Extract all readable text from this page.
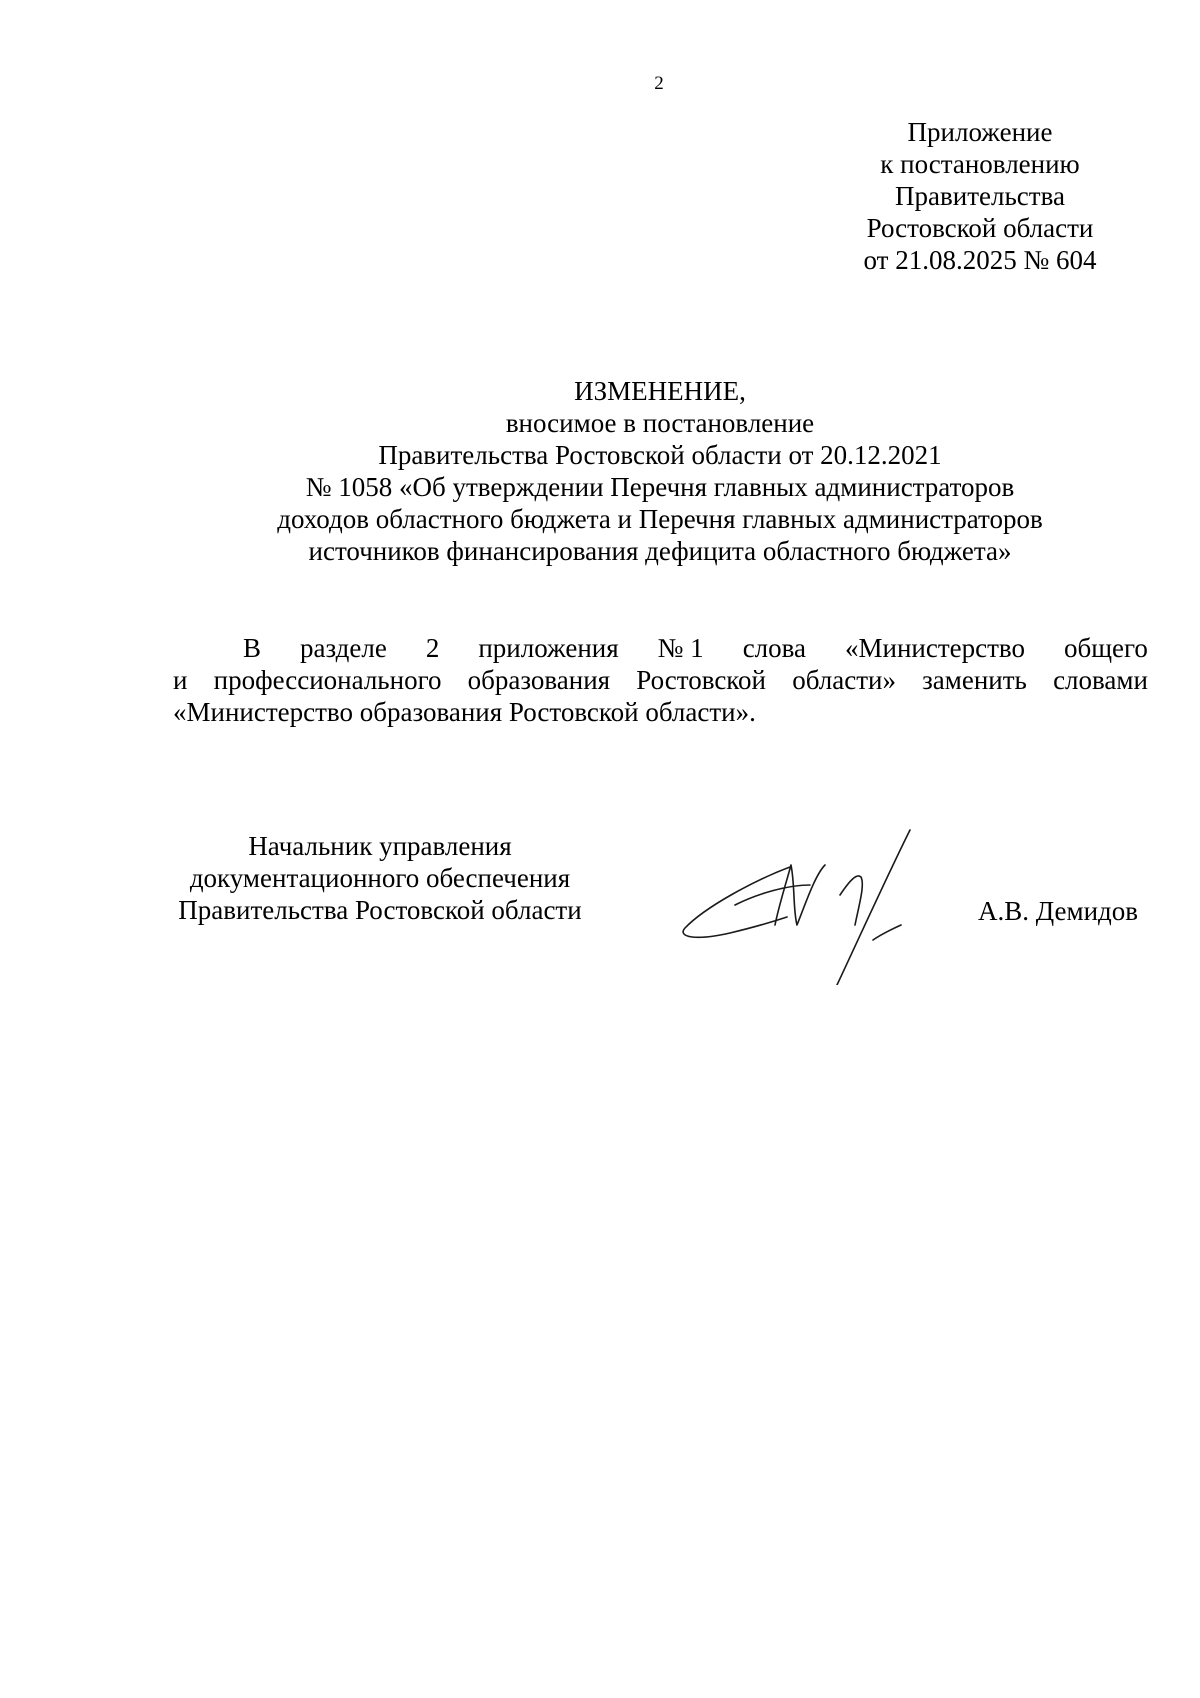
2
Приложение
к постановлению
Правительства
Ростовской области
от 21.08.2025 № 604
ИЗМЕНЕНИЕ,
вносимое в постановление
Правительства Ростовской области от 20.12.2021
№ 1058 «Об утверждении Перечня главных администраторов
доходов областного бюджета и Перечня главных администраторов
источников финансирования дефицита областного бюджета»
В разделе 2 приложения № 1 слова «Министерство общего
и профессионального образования Ростовской области» заменить словами
«Министерство образования Ростовской области».
Начальник управления
документационного обеспечения
Правительства Ростовской области	А.В. Демидов
